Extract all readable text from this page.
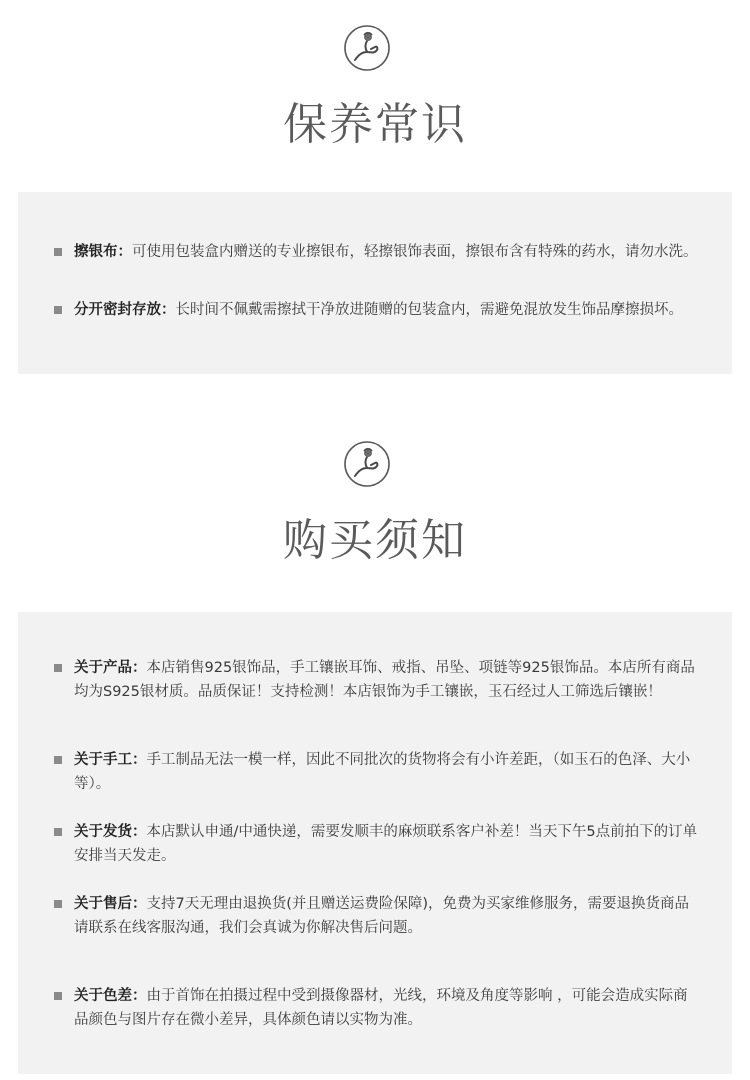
保养常识
擦银布：可使用包装盒内赠送的专业擦银布，轻擦银饰表面，擦银布含有特殊的药水，请勿水洗。
分开密封存放：长时间不佩戴需擦拭干净放进随赠的包装盒内，需避免混放发生饰品摩擦损坏。
购买须知
关于产品：本店销售925银饰品，手工镶嵌耳饰、戒指、吊坠、项链等925银饰品。本店所有商品均为S925银材质。品质保证！支持检测！本店银饰为手工镶嵌，玉石经过人工筛选后镶嵌！
关于手工：手工制品无法一模一样，因此不同批次的货物将会有小许差距，（如玉石的色泽、大小等）。
关于发货：本店默认申通/中通快递，需要发顺丰的麻烦联系客户补差！当天下午5点前拍下的订单安排当天发走。
关于售后：支持7天无理由退换货(并且赠送运费险保障)，免费为买家维修服务，需要退换货商品请联系在线客服沟通，我们会真诚为你解决售后问题。
关于色差：由于首饰在拍摄过程中受到摄像器材，光线，环境及角度等影响 ，可能会造成实际商品颜色与图片存在微小差异，具体颜色请以实物为准。
